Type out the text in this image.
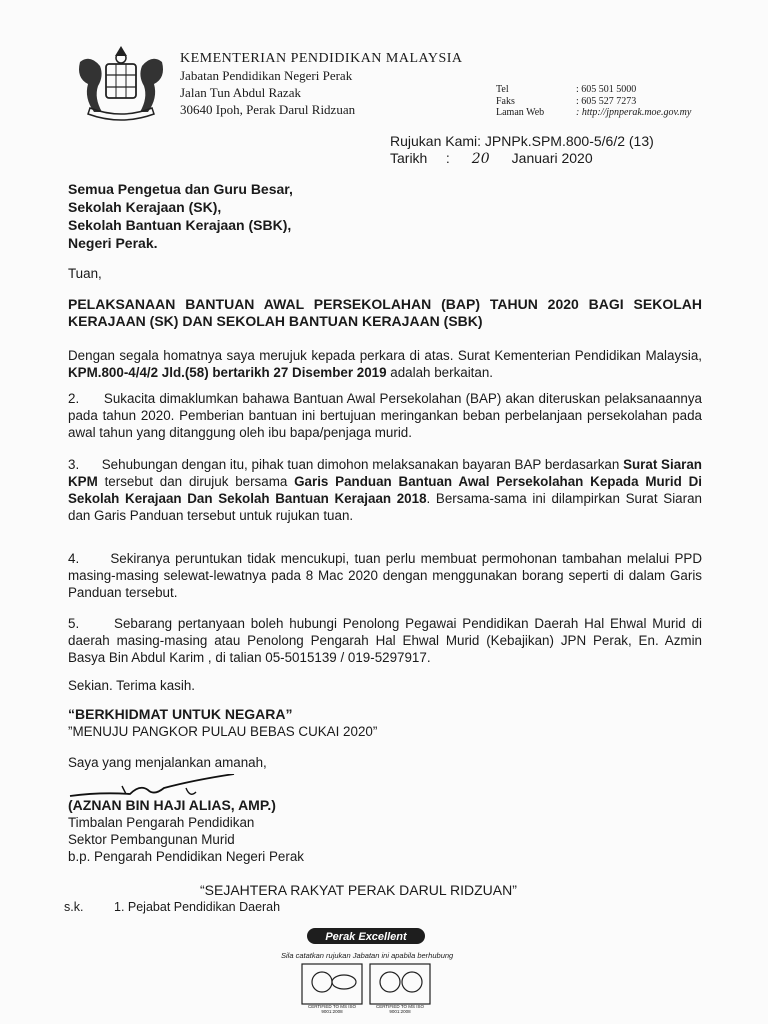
KEMENTERIAN PENDIDIKAN MALAYSIA
Jabatan Pendidikan Negeri Perak
Jalan Tun Abdul Razak
30640 Ipoh, Perak Darul Ridzuan
Tel	: 605 501 5000
Faks	: 605 527 7273
Laman Web	: http://jpnperak.moe.gov.my
Rujukan Kami: JPNPk.SPM.800-5/6/2 (13)
Tarikh : 20 Januari 2020
Semua Pengetua dan Guru Besar,
Sekolah Kerajaan (SK),
Sekolah Bantuan Kerajaan (SBK),
Negeri Perak.
Tuan,
PELAKSANAAN BANTUAN AWAL PERSEKOLAHAN (BAP) TAHUN 2020 BAGI SEKOLAH KERAJAAN (SK) DAN SEKOLAH BANTUAN KERAJAAN (SBK)
Dengan segala homatnya saya merujuk kepada perkara di atas. Surat Kementerian Pendidikan Malaysia, KPM.800-4/4/2 Jld.(58) bertarikh 27 Disember 2019 adalah berkaitan.
2.      Sukacita dimaklumkan bahawa Bantuan Awal Persekolahan (BAP) akan diteruskan pelaksanaannya pada tahun 2020. Pemberian bantuan ini bertujuan meringankan beban perbelanjaan persekolahan pada awal tahun yang ditanggung oleh ibu bapa/penjaga murid.
3.      Sehubungan dengan itu, pihak tuan dimohon melaksanakan bayaran BAP berdasarkan Surat Siaran KPM tersebut dan dirujuk bersama Garis Panduan Bantuan Awal Persekolahan Kepada Murid Di Sekolah Kerajaan Dan Sekolah Bantuan Kerajaan 2018. Bersama-sama ini dilampirkan Surat Siaran dan Garis Panduan tersebut untuk rujukan tuan.
4.      Sekiranya peruntukan tidak mencukupi, tuan perlu membuat permohonan tambahan melalui PPD masing-masing selewat-lewatnya pada 8 Mac 2020 dengan menggunakan borang seperti di dalam Garis Panduan tersebut.
5.      Sebarang pertanyaan boleh hubungi Penolong Pegawai Pendidikan Daerah Hal Ehwal Murid di daerah masing-masing atau Penolong Pengarah Hal Ehwal Murid (Kebajikan) JPN Perak, En. Azmin Basya Bin Abdul Karim , di talian 05-5015139 / 019-5297917.
Sekian. Terima kasih.
“BERKHIDMAT UNTUK NEGARA”
”MENUJU PANGKOR PULAU BEBAS CUKAI 2020”
Saya yang menjalankan amanah,
(AZNAN BIN HAJI ALIAS, AMP.)
Timbalan Pengarah Pendidikan
Sektor Pembangunan Murid
b.p. Pengarah Pendidikan Negeri Perak
“SEJAHTERA RAKYAT PERAK DARUL RIDZUAN”
s.k. 1. Pejabat Pendidikan Daerah
Perak Excellent
Sila catatkan rujukan Jabatan ini apabila berhubung
CERTIFIED TO MS ISO 9001:2008
CERTIFIED TO MS ISO 9001:2008
